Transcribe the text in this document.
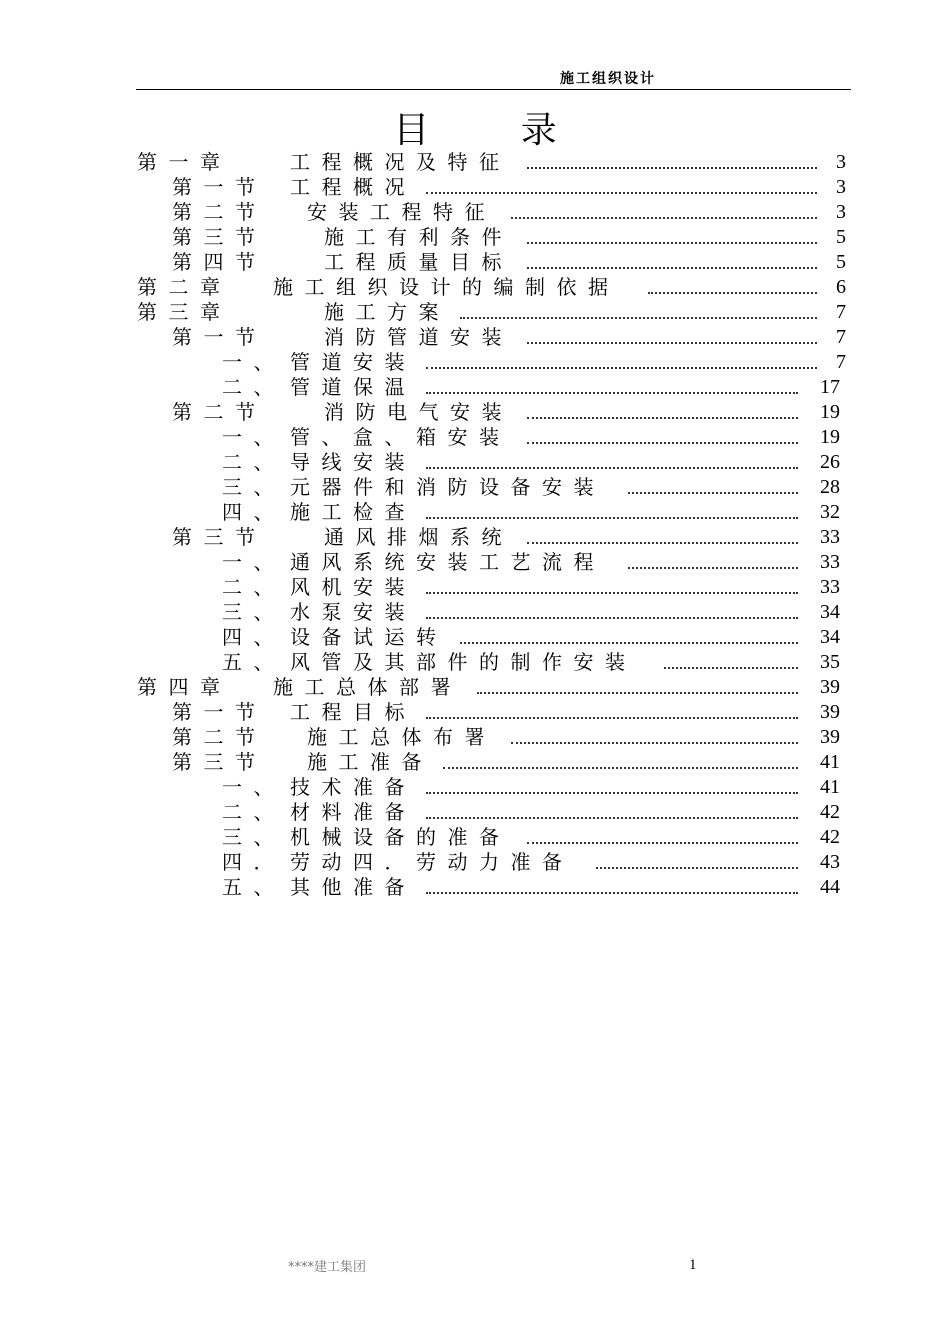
施工组织设计
目 录
第一章	工程概况及特征	3
第一节 工程概况	3
第二节 安装工程特征	3
第三节	施工有利条件	5
第四节	工程质量目标	5
第二章 施工组织设计的编制依据	6
第三章	施工方案	7
第一节	消防管道安装	7
一、 管道安装	7
二、 管道保温	17
第二节	消防电气安装	19
一、 管、盒、箱安装	19
二、 导线安装	26
三、 元器件和消防设备安装	28
四、 施工检查	32
第三节	通风排烟系统	33
一、 通风系统安装工艺流程	33
二、 风机安装	33
三、 水泵安装	34
四、 设备试运转	34
五、 风管及其部件的制作安装	35
第四章 施工总体部署	39
第一节 工程目标	39
第二节 施工总体布署	39
第三节 施工准备	41
一、 技术准备	41
二、 材料准备	42
三、 机械设备的准备	42
四． 劳动四．劳动力准备	43
五、 其他准备	44
****建工集团	1
